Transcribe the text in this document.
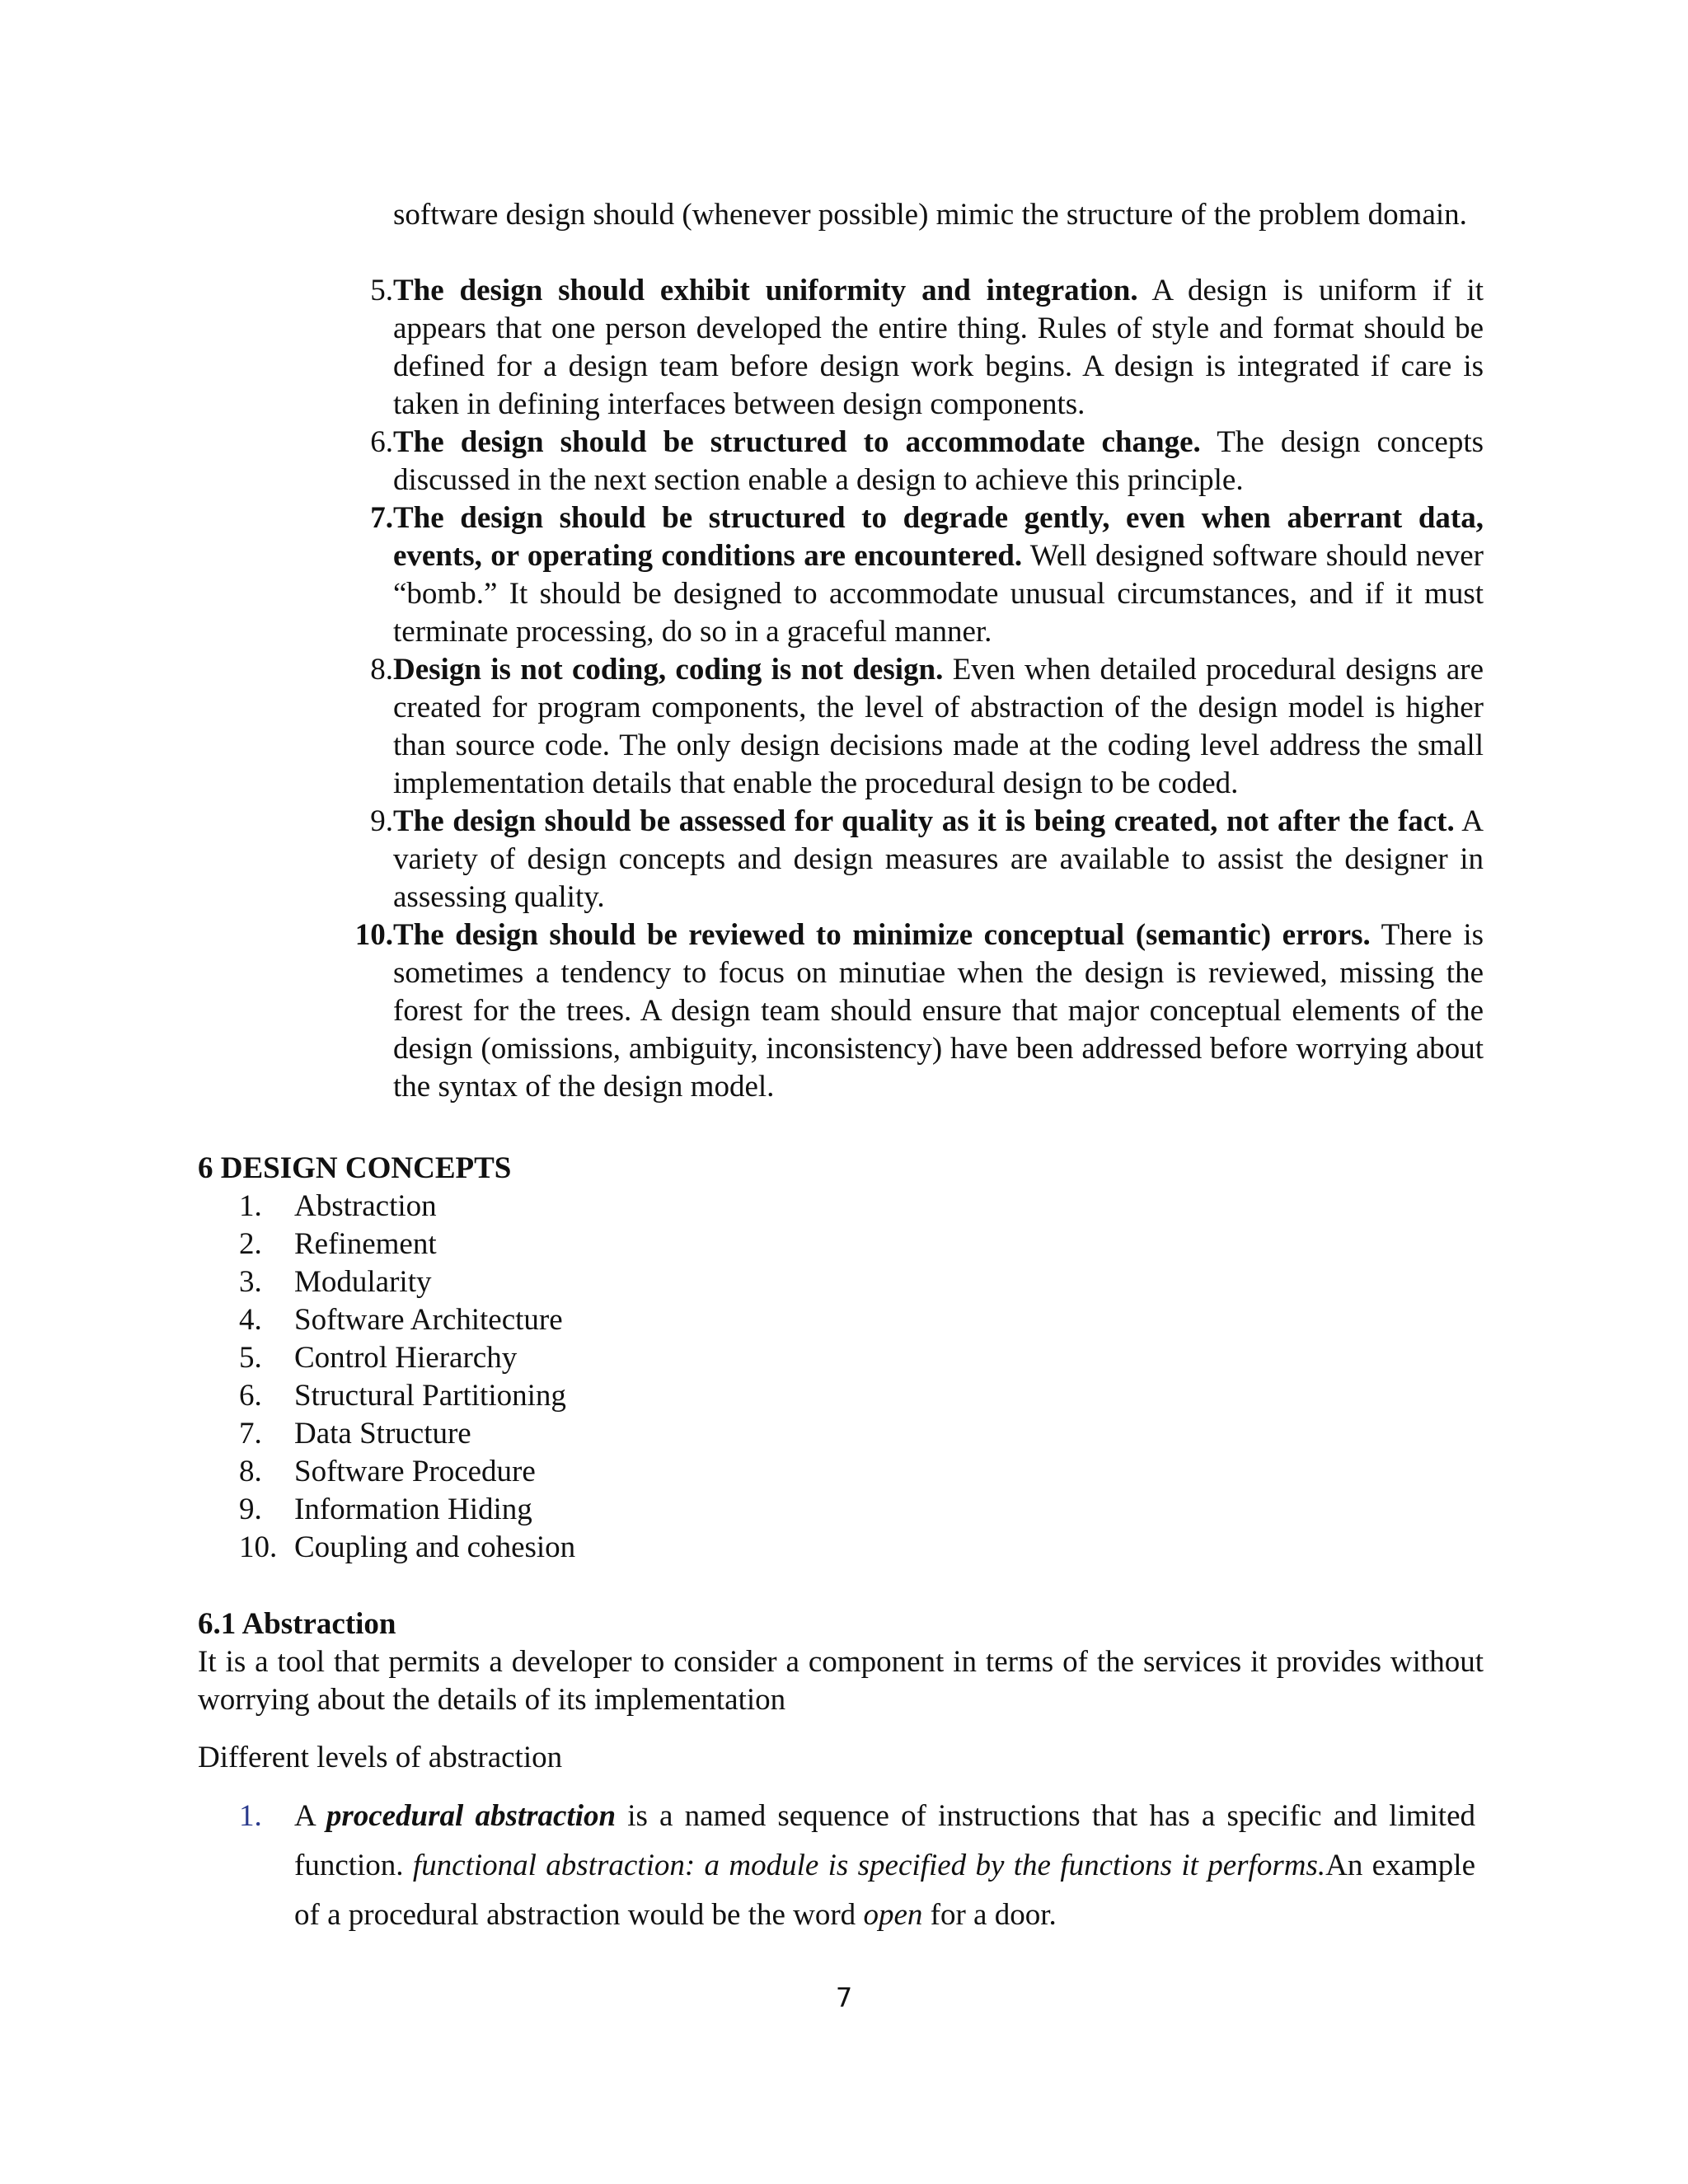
software design should (whenever possible) mimic the structure of the problem domain.
5. The design should exhibit uniformity and integration. A design is uniform if it appears that one person developed the entire thing. Rules of style and format should be defined for a design team before design work begins. A design is integrated if care is taken in defining interfaces between design components.
6. The design should be structured to accommodate change. The design concepts discussed in the next section enable a design to achieve this principle.
7. The design should be structured to degrade gently, even when aberrant data, events, or operating conditions are encountered. Well designed software should never “bomb.” It should be designed to accommodate unusual circumstances, and if it must terminate processing, do so in a graceful manner.
8. Design is not coding, coding is not design. Even when detailed procedural designs are created for program components, the level of abstraction of the design model is higher than source code. The only design decisions made at the coding level address the small implementation details that enable the procedural design to be coded.
9. The design should be assessed for quality as it is being created, not after the fact. A variety of design concepts and design measures are available to assist the designer in assessing quality.
10. The design should be reviewed to minimize conceptual (semantic) errors. There is sometimes a tendency to focus on minutiae when the design is reviewed, missing the forest for the trees. A design team should ensure that major conceptual elements of the design (omissions, ambiguity, inconsistency) have been addressed before worrying about the syntax of the design model.
6 DESIGN CONCEPTS
1.	Abstraction
2.	Refinement
3.	Modularity
4.	Software Architecture
5.	Control Hierarchy
6.	Structural Partitioning
7.	Data Structure
8.	Software Procedure
9.	Information Hiding
10. Coupling and cohesion
6.1 Abstraction
It is a tool that permits a developer to consider a component in terms of the services it provides without worrying about the details of its implementation
Different levels of abstraction
1.	A procedural abstraction is a named sequence of instructions that has a specific and limited function. functional abstraction: a module is specified by the functions it performs.An example of a procedural abstraction would be the word open for a door.
7
